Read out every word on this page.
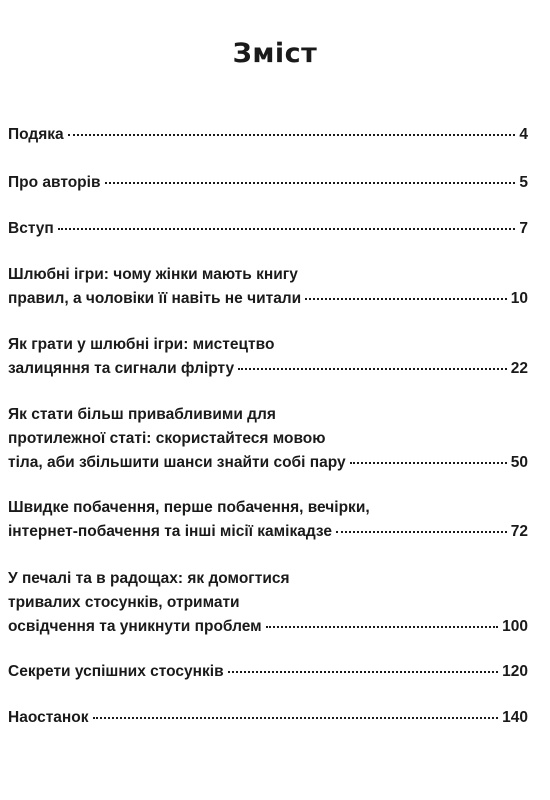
Зміст
Подяка	4
Про авторів	5
Вступ	7
Шлюбні ігри: чому жінки мають книгу
правил, а чоловіки її навіть не читали	10
Як грати у шлюбні ігри: мистецтво
залицяння та сигнали флірту	22
Як стати більш привабливими для
протилежної статі: скористайтеся мовою
тіла, аби збільшити шанси знайти собі пару	50
Швидке побачення, перше побачення, вечірки,
інтернет-побачення та інші місії камікадзе	72
У печалі та в радощах: як домогтися
тривалих стосунків, отримати
освідчення та уникнути проблем	100
Секрети успішних стосунків	120
Наостанок	140
